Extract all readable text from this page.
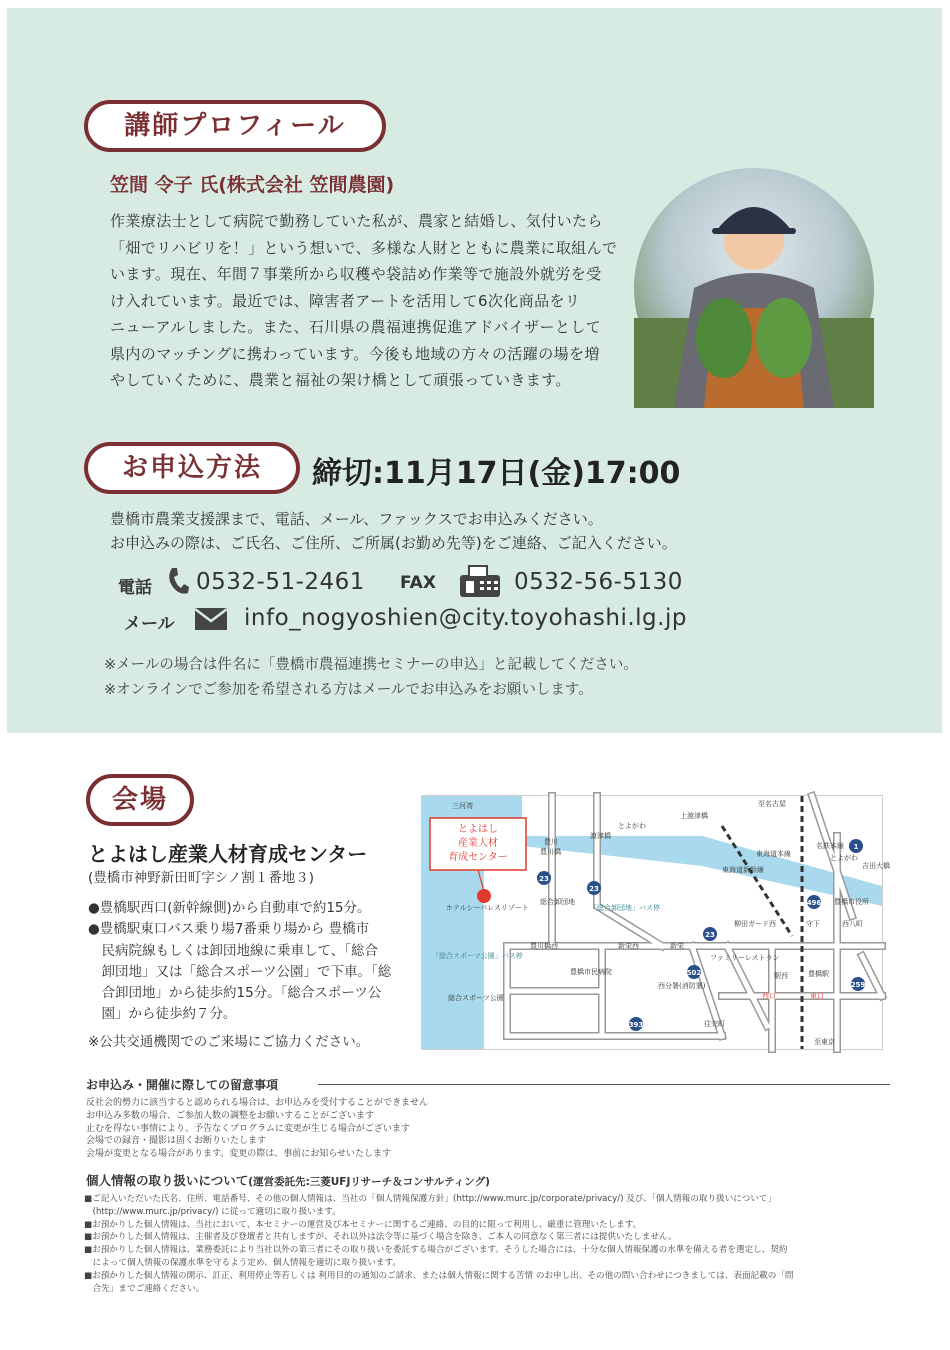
講師プロフィール
笠間 令子 氏(株式会社 笠間農園)
作業療法士として病院で勤務していた私が、農家と結婚し、気付いたら
「畑でリハビリを！」という想いで、多様な人財とともに農業に取組んで
います。現在、年間７事業所から収穫や袋詰め作業等で施設外就労を受
け入れています。最近では、障害者アートを活用して6次化商品をリ
ニューアルしました。また、石川県の農福連携促進アドバイザーとして
県内のマッチングに携わっています。今後も地域の方々の活躍の場を増
やしていくために、農業と福祉の架け橋として頑張っていきます。
お申込方法	締切:11月17日(金)17:00
豊橋市農業支援課まで、電話、メール、ファックスでお申込みください。
お申込みの際は、ご氏名、ご住所、ご所属(お勤め先等)をご連絡、ご記入ください。
電話 0532-51-2461 FAX	0532-56-5130
メール	info_nogyoshien@city.toyohashi.lg.jp
※メールの場合は件名に「豊橋市農福連携セミナーの申込」と記載してください。
※オンラインでご参加を希望される方はメールでお申込みをお願いします。
会場
とよはし産業人材育成センター
(豊橋市神野新田町字シノ割１番地３)
●豊橋駅西口(新幹線側)から自動車で約15分。
●豊橋駅東口バス乗り場7番乗り場から 豊橋市
　民病院線もしくは卸団地線に乗車して、「総合
　卸団地」又は「総合スポーツ公園」で下車。「総
　合卸団地」から徒歩約15分。「総合スポーツ公
　園」から徒歩約７分。
※公共交通機関でのご来場にご協力ください。
とよはし
産業人材
育成センター
三河湾
豊川
豊川橋
渡津橋
とよがわ
上渡津橋
至名古屋
東海道本線
名鉄本線
東海道新幹線	吉田大橋
とよがわ
豊橋市役所
総合卸団地
ホテルシーパレスリゾート	「総合卸団地」バス停
柳田ガード西	守下	西八町
「総合スポーツ公園」バス停
豊川橋西	新栄西	新栄
ファミリーレストラン
駅西	豊橋駅
西口	東口
豊橋市民病院
西分署(消防署)
総合スポーツ公園
往完町
至東京
23
23
23
1
496
502
259
393
お申込み・開催に際しての留意事項
反社会的勢力に該当すると認められる場合は、お申込みを受付することができません
お申込み多数の場合、ご参加人数の調整をお願いすることがございます
止むを得ない事情により、予告なくプログラムに変更が生じる場合がございます
会場での録音・撮影は固くお断りいたします
会場が変更となる場合があります。変更の際は、事前にお知らせいたします
個人情報の取り扱いについて(運営委託先:三菱UFJリサーチ＆コンサルティング)
■ご記入いただいた氏名、住所、電話番号、その他の個人情報は、当社の「個人情報保護方針」(http://www.murc.jp/corporate/privacy/) 及び、「個人情報の取り扱いについて」
　(http://www.murc.jp/privacy/) に従って適切に取り扱います。
■お預かりした個人情報は、当社において、本セミナーの運営及び本セミナーに関するご連絡、の目的に限って利用し、厳重に管理いたします。
■お預かりした個人情報は、主催者及び登壇者と共有しますが、それ以外は法令等に基づく場合を除き、ご本人の同意なく第三者には提供いたしません。
■お預かりした個人情報は、業務委託により当社以外の第三者にその取り扱いを委託する場合がございます。そうした場合には、十分な個人情報保護の水準を備える者を選定し、契約
　によって個人情報の保護水準を守るよう定め、個人情報を適切に取り扱います。
■お預かりした個人情報の開示、訂正、利用停止等若しくは 利用目的の通知のご請求、または個人情報に関する苦情 のお申し出、その他の問い合わせにつきましては、表面記載の「問
　合先」までご連絡ください。
